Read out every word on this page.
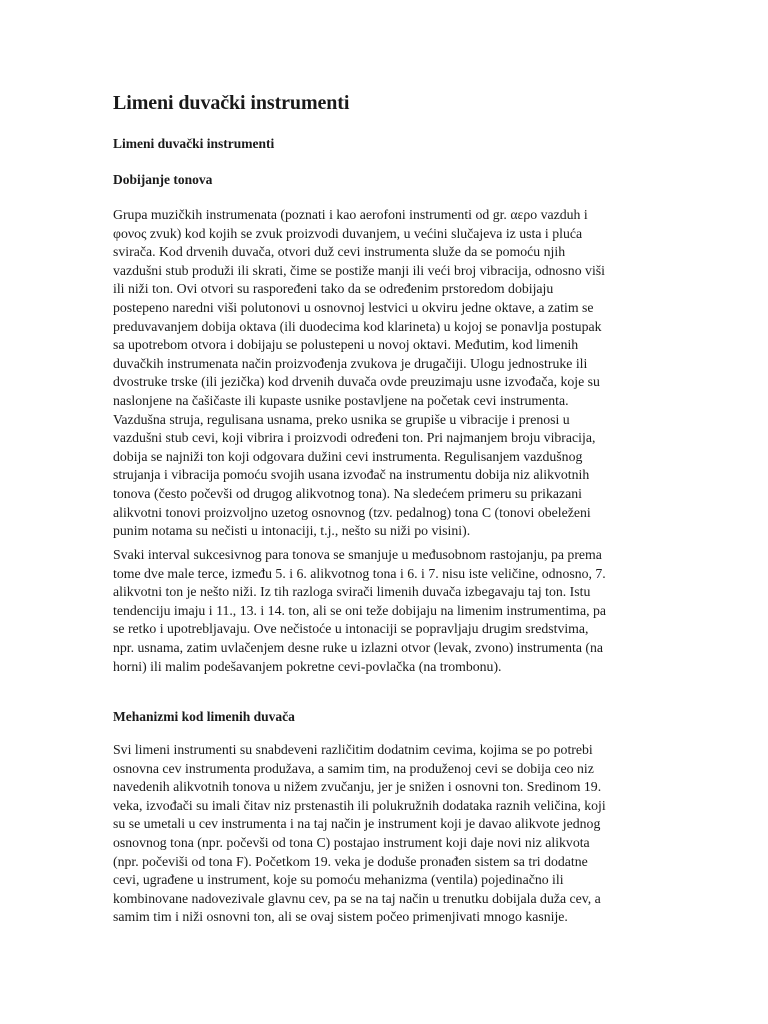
Limeni duvački instrumenti
Limeni duvački instrumenti
Dobijanje tonova
Grupa muzičkih instrumenata (poznati i kao aerofoni instrumenti od gr. αερο vazduh i
φονος zvuk) kod kojih se zvuk proizvodi duvanjem, u većini slučajeva iz usta i pluća
svirača. Kod drvenih duvača, otvori duž cevi instrumenta služe da se pomoću njih
vazdušni stub produži ili skrati, čime se postiže manji ili veći broj vibracija, odnosno viši
ili niži ton. Ovi otvori su raspoređeni tako da se određenim prstoredom dobijaju
postepeno naredni viši polutonovi u osnovnoj lestvici u okviru jedne oktave, a zatim se
preduvavanjem dobija oktava (ili duodecima kod klarineta) u kojoj se ponavlja postupak
sa upotrebom otvora i dobijaju se polustepeni u novoj oktavi. Međutim, kod limenih
duvačkih instrumenata način proizvođenja zvukova je drugačiji. Ulogu jednostruke ili
dvostruke trske (ili jezička) kod drvenih duvača ovde preuzimaju usne izvođača, koje su
naslonjene na čašičaste ili kupaste usnike postavljene na početak cevi instrumenta.
Vazdušna struja, regulisana usnama, preko usnika se grupiše u vibracije i prenosi u
vazdušni stub cevi, koji vibrira i proizvodi određeni ton. Pri najmanjem broju vibracija,
dobija se najniži ton koji odgovara dužini cevi instrumenta. Regulisanjem vazdušnog
strujanja i vibracija pomoću svojih usana izvođač na instrumentu dobija niz alikvotnih
tonova (često počevši od drugog alikvotnog tona). Na sledećem primeru su prikazani
alikvotni tonovi proizvoljno uzetog osnovnog (tzv. pedalnog) tona C (tonovi obeleženi
punim notama su nečisti u intonaciji, t.j., nešto su niži po visini).
Svaki interval sukcesivnog para tonova se smanjuje u međusobnom rastojanju, pa prema
tome dve male terce, između 5. i 6. alikvotnog tona i 6. i 7. nisu iste veličine, odnosno, 7.
alikvotni ton je nešto niži. Iz tih razloga svirači limenih duvača izbegavaju taj ton. Istu
tendenciju imaju i 11., 13. i 14. ton, ali se oni teže dobijaju na limenim instrumentima, pa
se retko i upotrebljavaju. Ove nečistoće u intonaciji se popravljaju drugim sredstvima,
npr. usnama, zatim uvlačenjem desne ruke u izlazni otvor (levak, zvono) instrumenta (na
horni) ili malim podešavanjem pokretne cevi-povlačka (na trombonu).
Mehanizmi kod limenih duvača
Svi limeni instrumenti su snabdeveni različitim dodatnim cevima, kojima se po potrebi
osnovna cev instrumenta produžava, a samim tim, na produženoj cevi se dobija ceo niz
navedenih alikvotnih tonova u nižem zvučanju, jer je snižen i osnovni ton. Sredinom 19.
veka, izvođači su imali čitav niz prstenastih ili polukružnih dodataka raznih veličina, koji
su se umetali u cev instrumenta i na taj način je instrument koji je davao alikvote jednog
osnovnog tona (npr. počevši od tona C) postajao instrument koji daje novi niz alikvota
(npr. počeviši od tona F). Početkom 19. veka je doduše pronađen sistem sa tri dodatne
cevi, ugrađene u instrument, koje su pomoću mehanizma (ventila) pojedinačno ili
kombinovane nadovezivale glavnu cev, pa se na taj način u trenutku dobijala duža cev, a
samim tim i niži osnovni ton, ali se ovaj sistem počeo primenjivati mnogo kasnije.
